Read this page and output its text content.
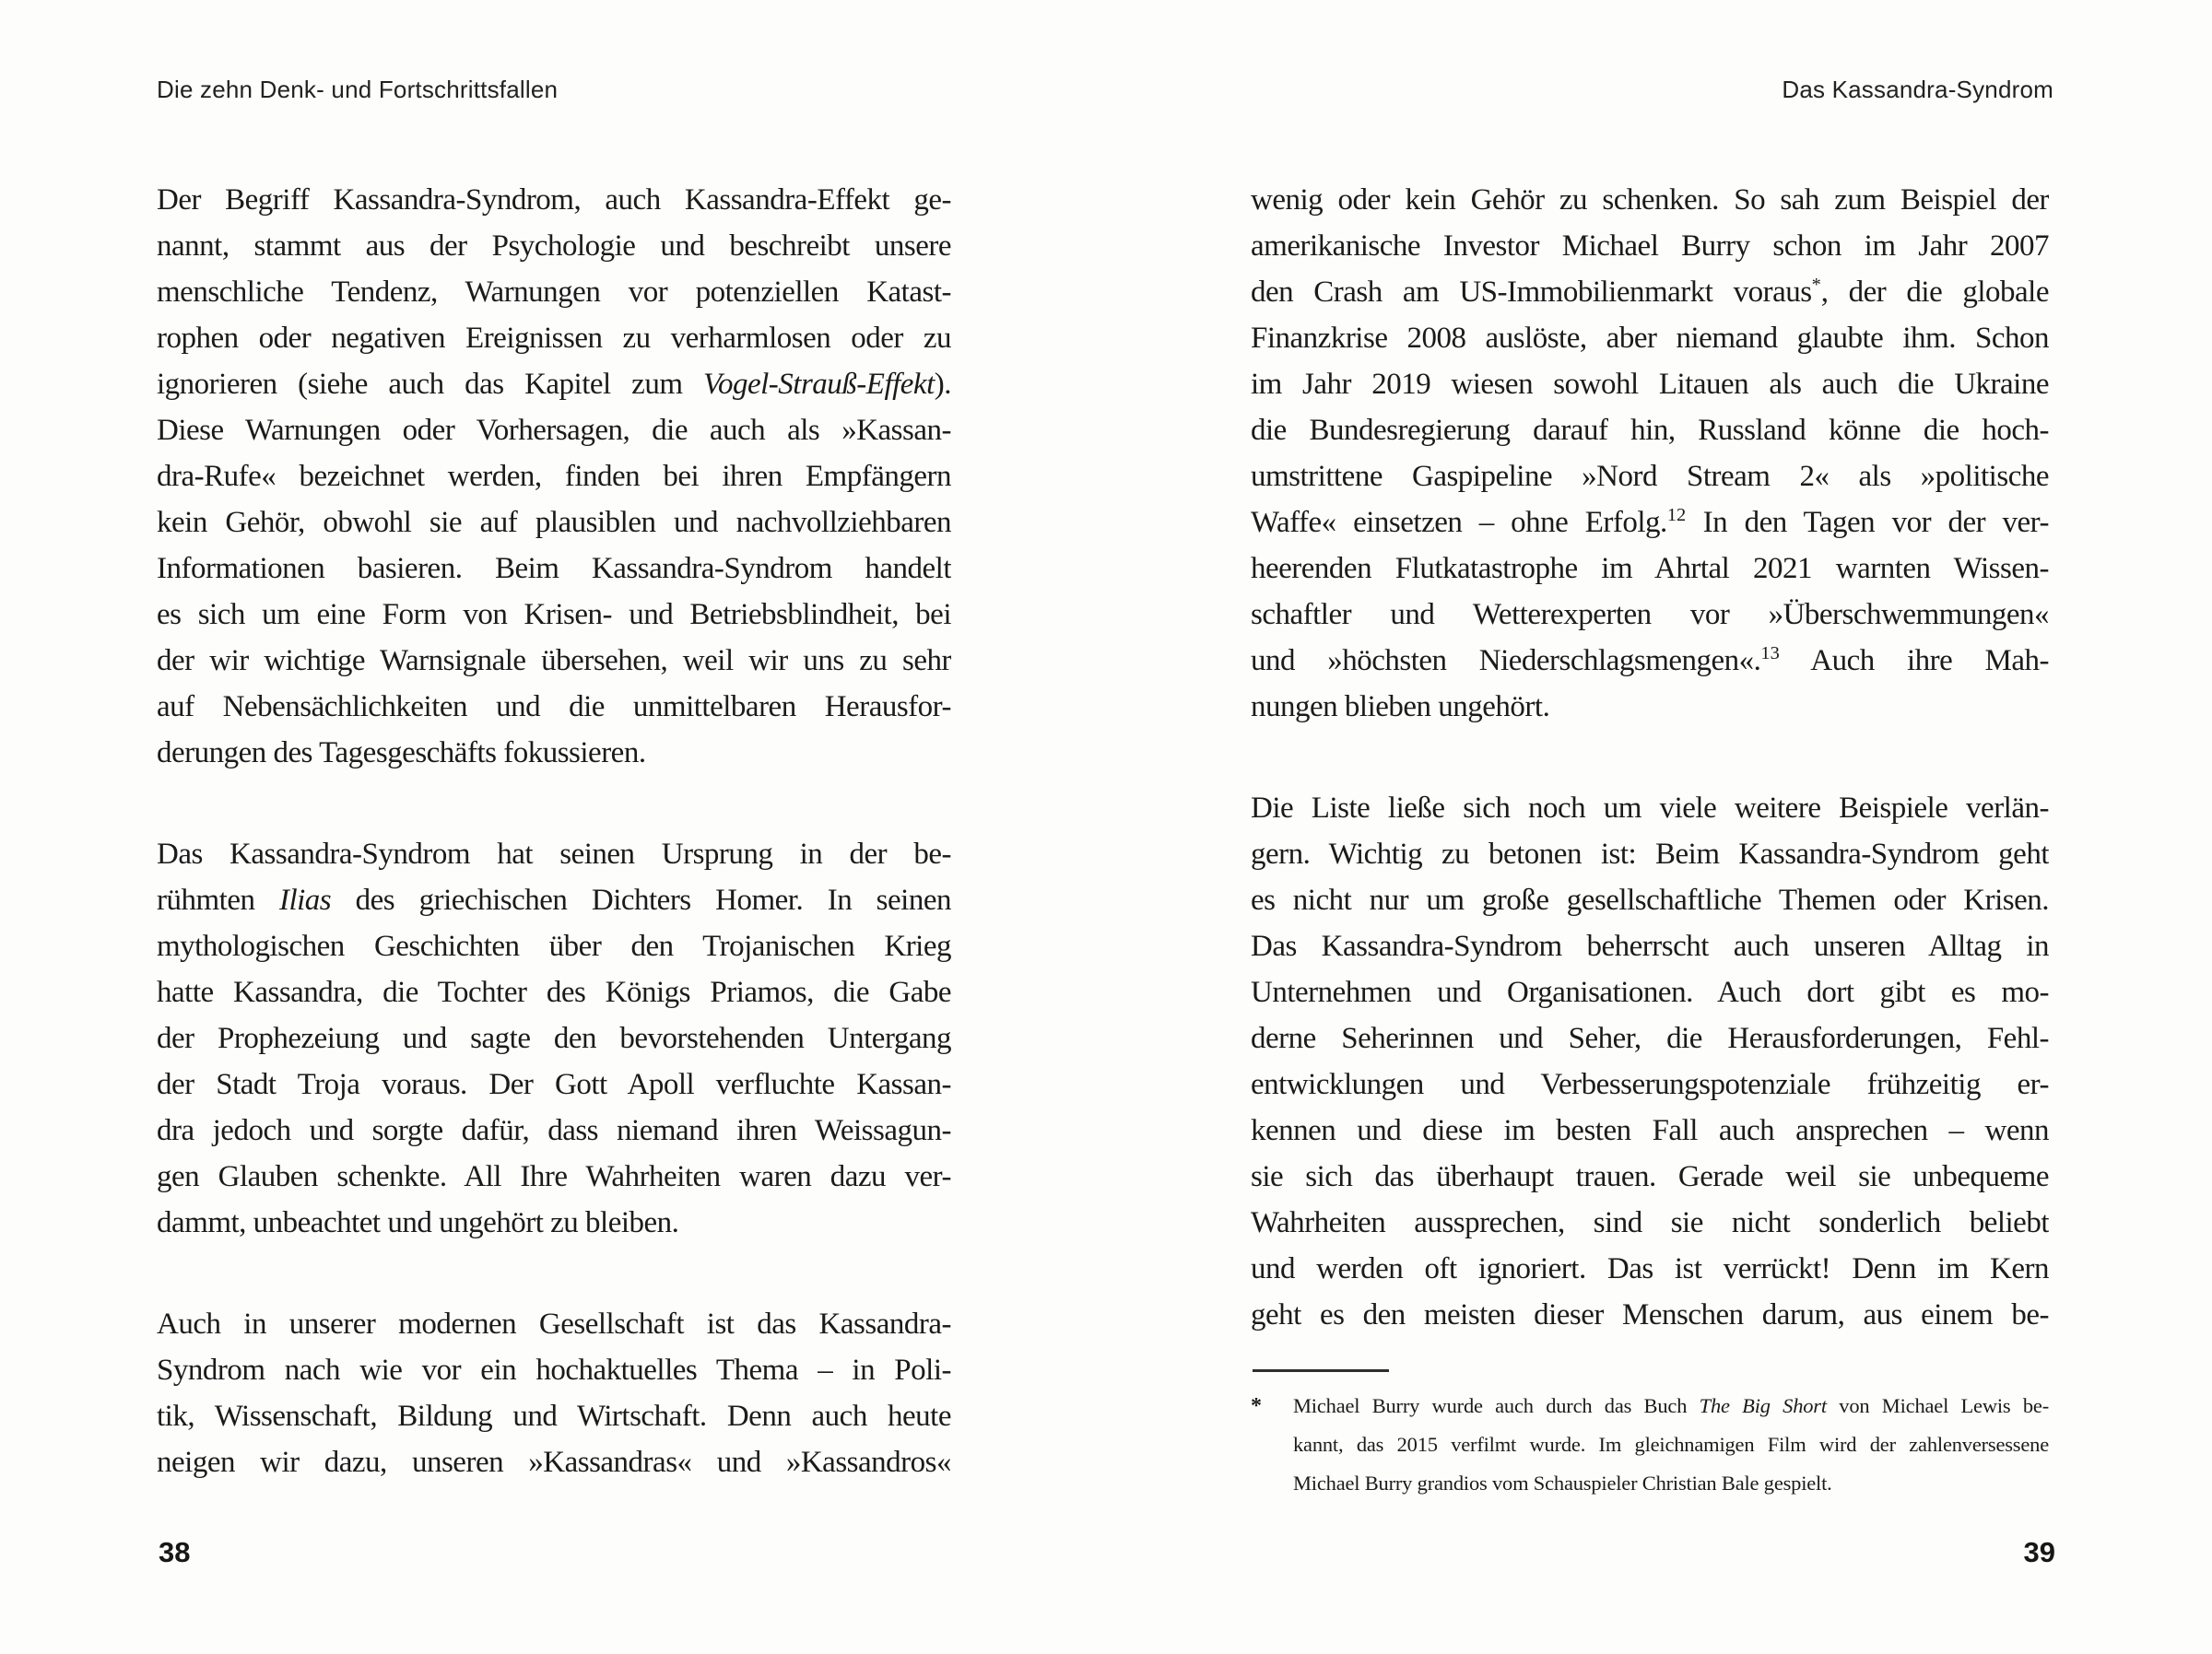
Die zehn Denk- und Fortschrittsfallen	Das Kassandra-Syndrom
Der Begriff Kassandra-Syndrom, auch Kassandra-Effekt ge-
nannt, stammt aus der Psychologie und beschreibt unsere
menschliche Tendenz, Warnungen vor potenziellen Katast-
rophen oder negativen Ereignissen zu verharmlosen oder zu
ignorieren (siehe auch das Kapitel zum Vogel-Strauß-Effekt).
Diese Warnungen oder Vorhersagen, die auch als »Kassan-
dra-Rufe« bezeichnet werden, finden bei ihren Empfängern
kein Gehör, obwohl sie auf plausiblen und nachvollziehbaren
Informationen basieren. Beim Kassandra-Syndrom handelt
es sich um eine Form von Krisen- und Betriebsblindheit, bei
der wir wichtige Warnsignale übersehen, weil wir uns zu sehr
auf Nebensächlichkeiten und die unmittelbaren Herausfor-
derungen des Tagesgeschäfts fokussieren.
Das Kassandra-Syndrom hat seinen Ursprung in der be-
rühmten Ilias des griechischen Dichters Homer. In seinen
mythologischen Geschichten über den Trojanischen Krieg
hatte Kassandra, die Tochter des Königs Priamos, die Gabe
der Prophezeiung und sagte den bevorstehenden Untergang
der Stadt Troja voraus. Der Gott Apoll verfluchte Kassan-
dra jedoch und sorgte dafür, dass niemand ihren Weissagun-
gen Glauben schenkte. All Ihre Wahrheiten waren dazu ver-
dammt, unbeachtet und ungehört zu bleiben.
Auch in unserer modernen Gesellschaft ist das Kassandra-
Syndrom nach wie vor ein hochaktuelles Thema – in Poli-
tik, Wissenschaft, Bildung und Wirtschaft. Denn auch heute
neigen wir dazu, unseren »Kassandras« und »Kassandros«
wenig oder kein Gehör zu schenken. So sah zum Beispiel der
amerikanische Investor Michael Burry schon im Jahr 2007
den Crash am US-Immobilienmarkt voraus*, der die globale
Finanzkrise 2008 auslöste, aber niemand glaubte ihm. Schon
im Jahr 2019 wiesen sowohl Litauen als auch die Ukraine
die Bundesregierung darauf hin, Russland könne die hoch-
umstrittene Gaspipeline »Nord Stream 2« als »politische
Waffe« einsetzen – ohne Erfolg.$^{12}$ In den Tagen vor der ver-
heerenden Flutkatastrophe im Ahrtal 2021 warnten Wissen-
schaftler und Wetterexperten vor »Überschwemmungen«
und »höchsten Niederschlagsmengen«.$^{13}$ Auch ihre Mah-
nungen blieben ungehört.
Die Liste ließe sich noch um viele weitere Beispiele verlän-
gern. Wichtig zu betonen ist: Beim Kassandra-Syndrom geht
es nicht nur um große gesellschaftliche Themen oder Krisen.
Das Kassandra-Syndrom beherrscht auch unseren Alltag in
Unternehmen und Organisationen. Auch dort gibt es mo-
derne Seherinnen und Seher, die Herausforderungen, Fehl-
entwicklungen und Verbesserungspotenziale frühzeitig er-
kennen und diese im besten Fall auch ansprechen – wenn
sie sich das überhaupt trauen. Gerade weil sie unbequeme
Wahrheiten aussprechen, sind sie nicht sonderlich beliebt
und werden oft ignoriert. Das ist verrückt! Denn im Kern
geht es den meisten dieser Menschen darum, aus einem be-
*	Michael Burry wurde auch durch das Buch The Big Short von Michael Lewis be-
kannt, das 2015 verfilmt wurde. Im gleichnamigen Film wird der zahlenversessene
Michael Burry grandios vom Schauspieler Christian Bale gespielt.
38	39
